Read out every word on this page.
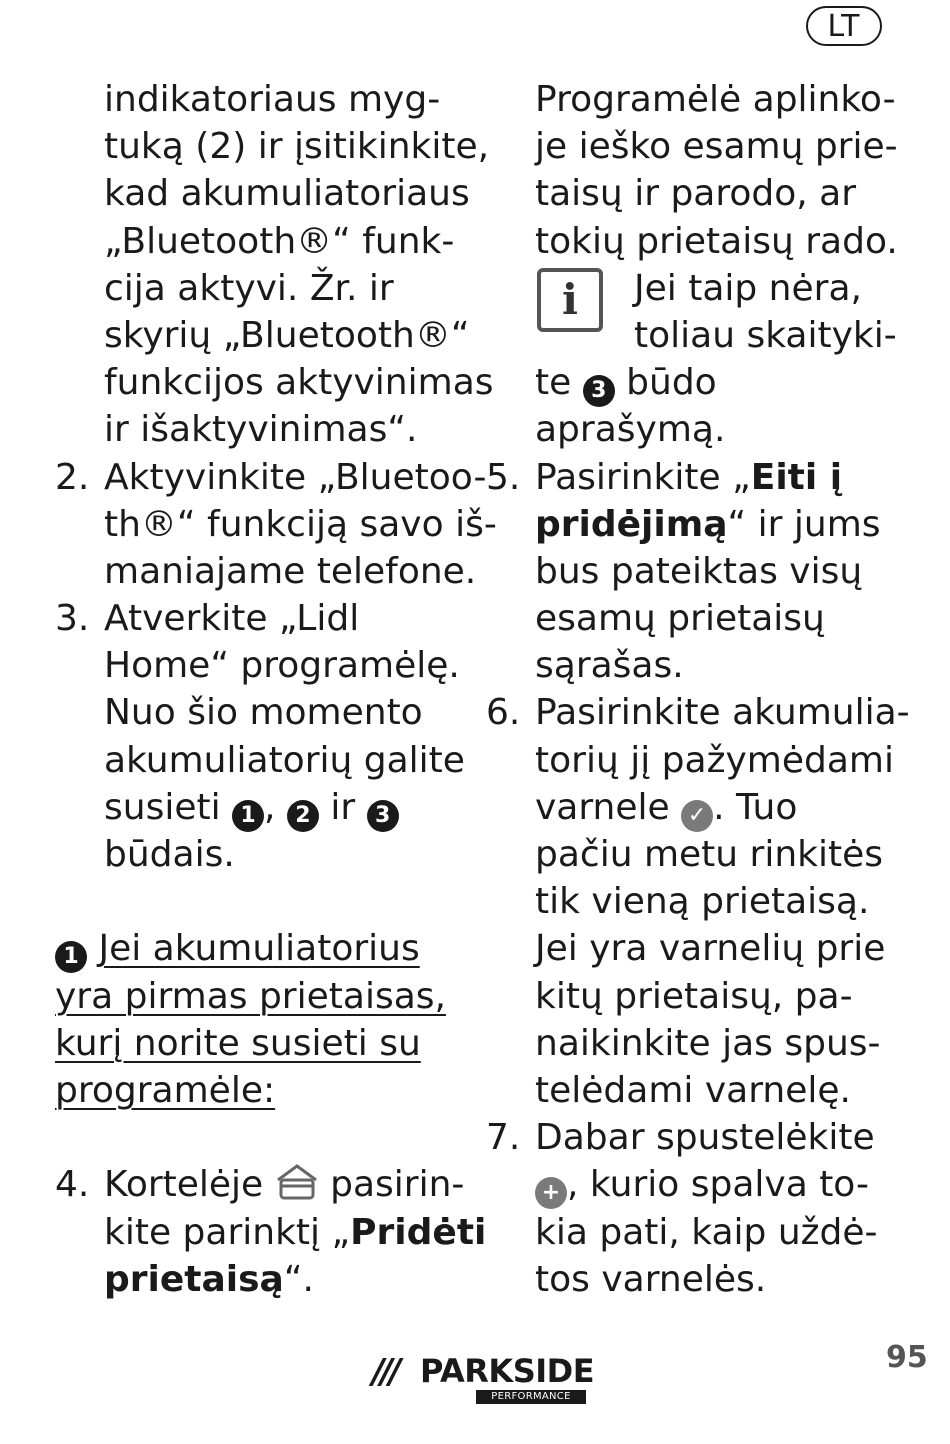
LT
indikatoriaus myg-
tuką (2) ir įsitikinkite,
kad akumuliatoriaus
„Bluetooth®“ funk-
cija aktyvi. Žr. ir
skyrių „Bluetooth®“
funkcijos aktyvinimas
ir išaktyvinimas“.
2. Aktyvinkite „Bluetoo-
th®“ funkciją savo iš-
maniajame telefone.
3. Atverkite „Lidl
Home“ programėlę.
Nuo šio momento
akumuliatorių galite
susieti 1 , 2 ir 3
būdais.
1 Jei akumuliatorius
yra pirmas prietaisas,
kurį norite susieti su
programėle:
4. Kortelėje  pasirin-
kite parinktį „Pridėti
prietaisą“.
Programėlė aplinko-
je ieško esamų prie-
taisų ir parodo, ar
tokių prietaisų rado.
i	Jei taip nėra,
toliau skaityki-
te 3 būdo
aprašymą.
5. Pasirinkite „Eiti į
pridėjimą“ ir jums
bus pateiktas visų
esamų prietaisų
sąrašas.
6. Pasirinkite akumulia-
torių jį pažymėdami
varnele ✓ . Tuo
pačiu metu rinkitės
tik vieną prietaisą.
Jei yra varnelių prie
kitų prietaisų, pa-
naikinkite jas spus-
telėdami varnelę.
7. Dabar spustelėkite
+ , kurio spalva to-
kia pati, kaip uždė-
tos varnelės.
/// PARKSIDE
PERFORMANCE
95
